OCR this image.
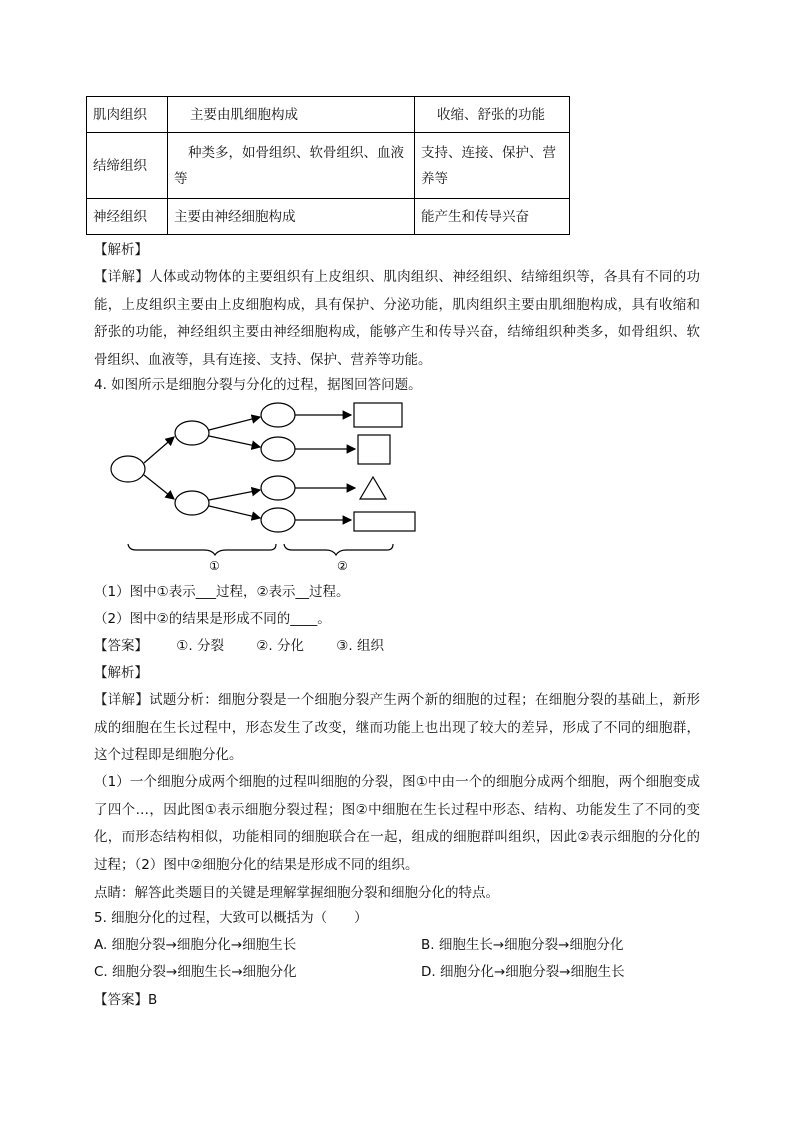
肌肉组织	主要由肌细胞构成	收缩、舒张的功能
结缔组织	种类多，如骨组织、软骨组织、血液等	支持、连接、保护、营养等
神经组织	主要由神经细胞构成	能产生和传导兴奋
【解析】
【详解】人体或动物体的主要组织有上皮组织、肌肉组织、神经组织、结缔组织等，各具有不同的功能，上皮组织主要由上皮细胞构成，具有保护、分泌功能，肌肉组织主要由肌细胞构成，具有收缩和舒张的功能，神经组织主要由神经细胞构成，能够产生和传导兴奋，结缔组织种类多，如骨组织、软骨组织、血液等，具有连接、支持、保护、营养等功能。
4. 如图所示是细胞分裂与分化的过程，据图回答问题。
①	②
（1）图中①表示___过程，②表示__过程。
（2）图中②的结果是形成不同的____。
【答案】 ①. 分裂 ②. 分化 ③. 组织
【解析】
【详解】试题分析：细胞分裂是一个细胞分裂产生两个新的细胞的过程；在细胞分裂的基础上，新形成的细胞在生长过程中，形态发生了改变，继而功能上也出现了较大的差异，形成了不同的细胞群，这个过程即是细胞分化。
（1）一个细胞分成两个细胞的过程叫细胞的分裂，图①中由一个的细胞分成两个细胞，两个细胞变成了四个…，因此图①表示细胞分裂过程；图②中细胞在生长过程中形态、结构、功能发生了不同的变化，而形态结构相似，功能相同的细胞联合在一起，组成的细胞群叫组织，因此②表示细胞的分化的过程；（2）图中②细胞分化的结果是形成不同的组织。
点睛：解答此类题目的关键是理解掌握细胞分裂和细胞分化的特点。
5. 细胞分化的过程，大致可以概括为（　　）
A. 细胞分裂→细胞分化→细胞生长	B. 细胞生长→细胞分裂→细胞分化
C. 细胞分裂→细胞生长→细胞分化	D. 细胞分化→细胞分裂→细胞生长
【答案】B
